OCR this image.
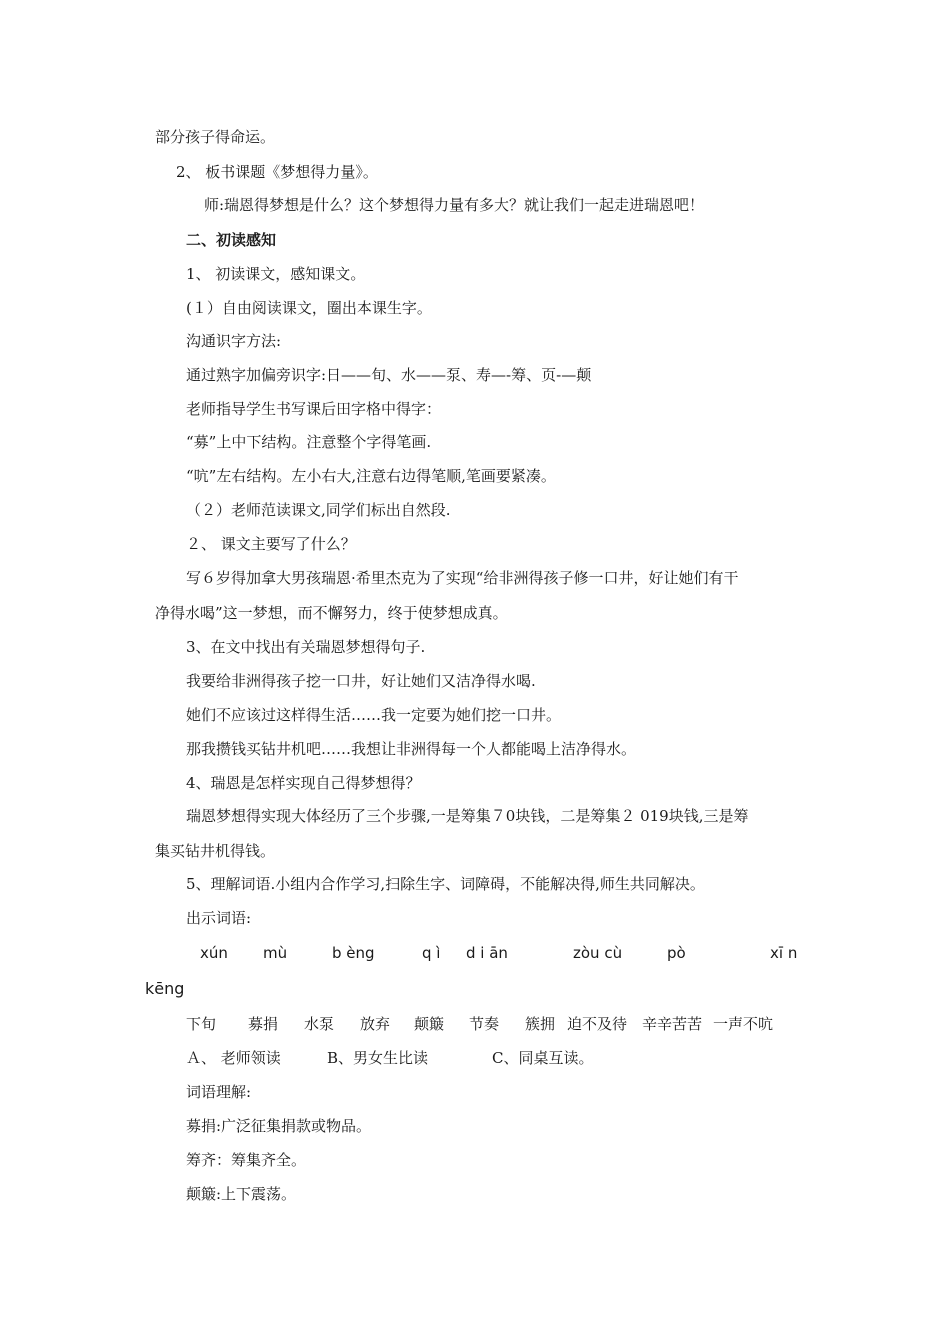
部分孩子得命运。
2、 板书课题《梦想得力量》。
师:瑞恩得梦想是什么？这个梦想得力量有多大？就让我们一起走进瑞恩吧！
二、初读感知
1、 初读课文，感知课文。
(１）自由阅读课文，圈出本课生字。
沟通识字方法:
通过熟字加偏旁识字:日——旬、水——泵、寿—-筹、页-—颠
老师指导学生书写课后田字格中得字：
“募”上中下结构。注意整个字得笔画.
“吭”左右结构。左小右大,注意右边得笔顺,笔画要紧凑。
（２）老师范读课文,同学们标出自然段.
２、 课文主要写了什么？
写６岁得加拿大男孩瑞恩·希里杰克为了实现“给非洲得孩子修一口井，好让她们有干
净得水喝”这一梦想，而不懈努力，终于使梦想成真。
3、在文中找出有关瑞恩梦想得句子.
我要给非洲得孩子挖一口井，好让她们又洁净得水喝.
她们不应该过这样得生活……我一定要为她们挖一口井。
那我攒钱买钻井机吧……我想让非洲得每一个人都能喝上洁净得水。
4、瑞恩是怎样实现自己得梦想得？
瑞恩梦想得实现大体经历了三个步骤,一是筹集７0块钱，二是筹集２ 019块钱,三是筹
集买钻井机得钱。
5、理解词语.小组内合作学习,扫除生字、词障碍，不能解决得,师生共同解决。
出示词语:
xún mù	b èng	q ì d i ān	zòu cù	pò	xī n
kēng
下旬 募捐 水泵 放弃 颠簸 节奏 簇拥 迫不及待 辛辛苦苦 一声不吭
Ａ、 老师领读	B、男女生比读	C、同桌互读。
词语理解:
募捐:广泛征集捐款或物品。
筹齐：筹集齐全。
颠簸:上下震荡。
